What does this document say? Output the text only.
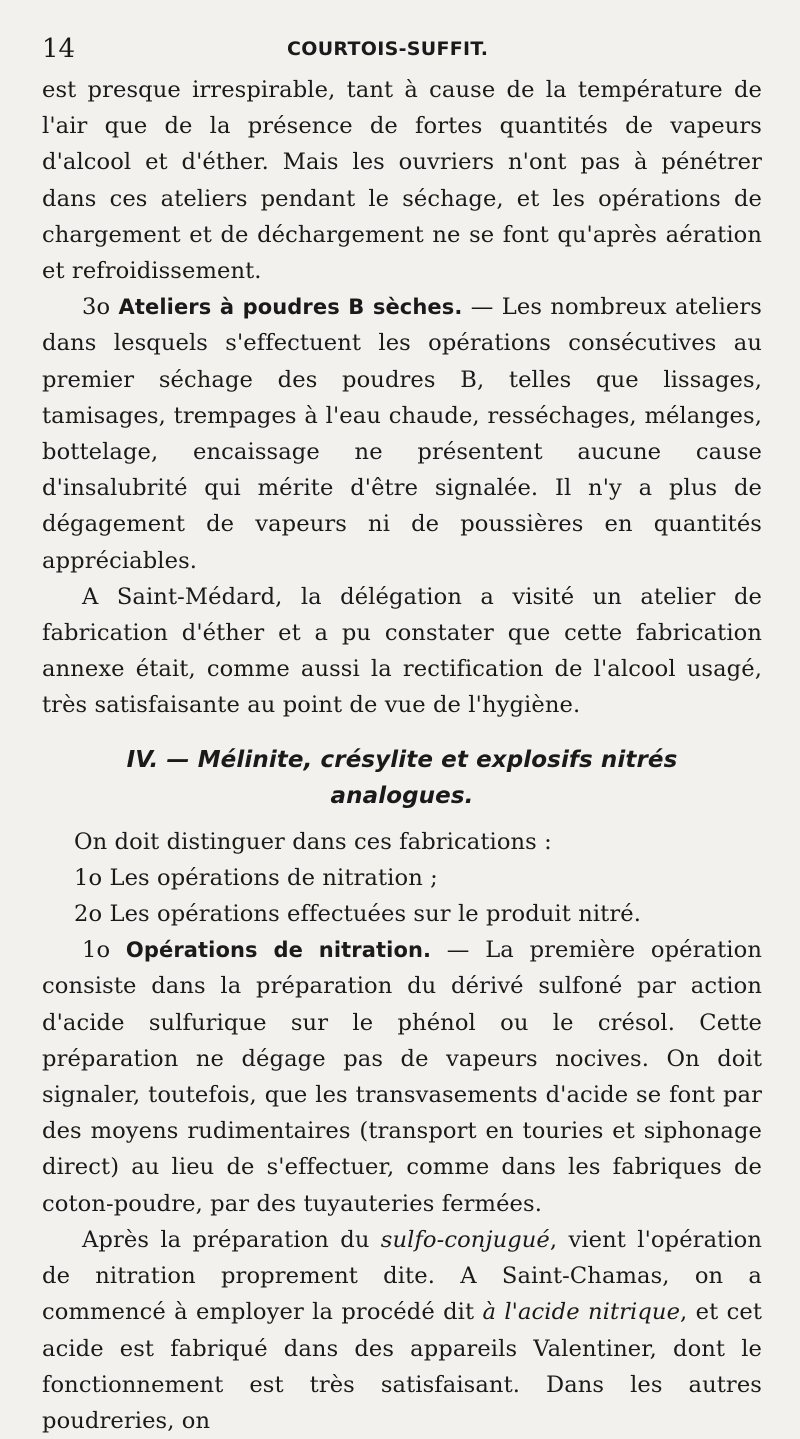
14	COURTOIS-SUFFIT.

est presque irrespirable, tant à cause de la température de l'air que de la présence de fortes quantités de vapeurs d'alcool et d'éther. Mais les ouvriers n'ont pas à pénétrer dans ces ateliers pendant le séchage, et les opérations de chargement et de déchargement ne se font qu'après aération et refroidissement.

3o Ateliers à poudres B sèches. — Les nombreux ateliers dans lesquels s'effectuent les opérations consécutives au premier séchage des poudres B, telles que lissages, tamisages, trempages à l'eau chaude, resséchages, mélanges, bottelage, encaissage ne présentent aucune cause d'insalubrité qui mérite d'être signalée. Il n'y a plus de dégagement de vapeurs ni de poussières en quantités appréciables.

A Saint-Médard, la délégation a visité un atelier de fabrication d'éther et a pu constater que cette fabrication annexe était, comme aussi la rectification de l'alcool usagé, très satisfaisante au point de vue de l'hygiène.

IV. — Mélinite, crésylite et explosifs nitrés analogues.

On doit distinguer dans ces fabrications :

1o Les opérations de nitration ;

2o Les opérations effectuées sur le produit nitré.

1o Opérations de nitration. — La première opération consiste dans la préparation du dérivé sulfoné par action d'acide sulfurique sur le phénol ou le crésol. Cette préparation ne dégage pas de vapeurs nocives. On doit signaler, toutefois, que les transvasements d'acide se font par des moyens rudimentaires (transport en touries et siphonage direct) au lieu de s'effectuer, comme dans les fabriques de coton-poudre, par des tuyauteries fermées.

Après la préparation du sulfo-conjugué, vient l'opération de nitration proprement dite. A Saint-Chamas, on a commencé à employer la procédé dit à l'acide nitrique, et cet acide est fabriqué dans des appareils Valentiner, dont le fonctionnement est très satisfaisant. Dans les autres poudreries, on
